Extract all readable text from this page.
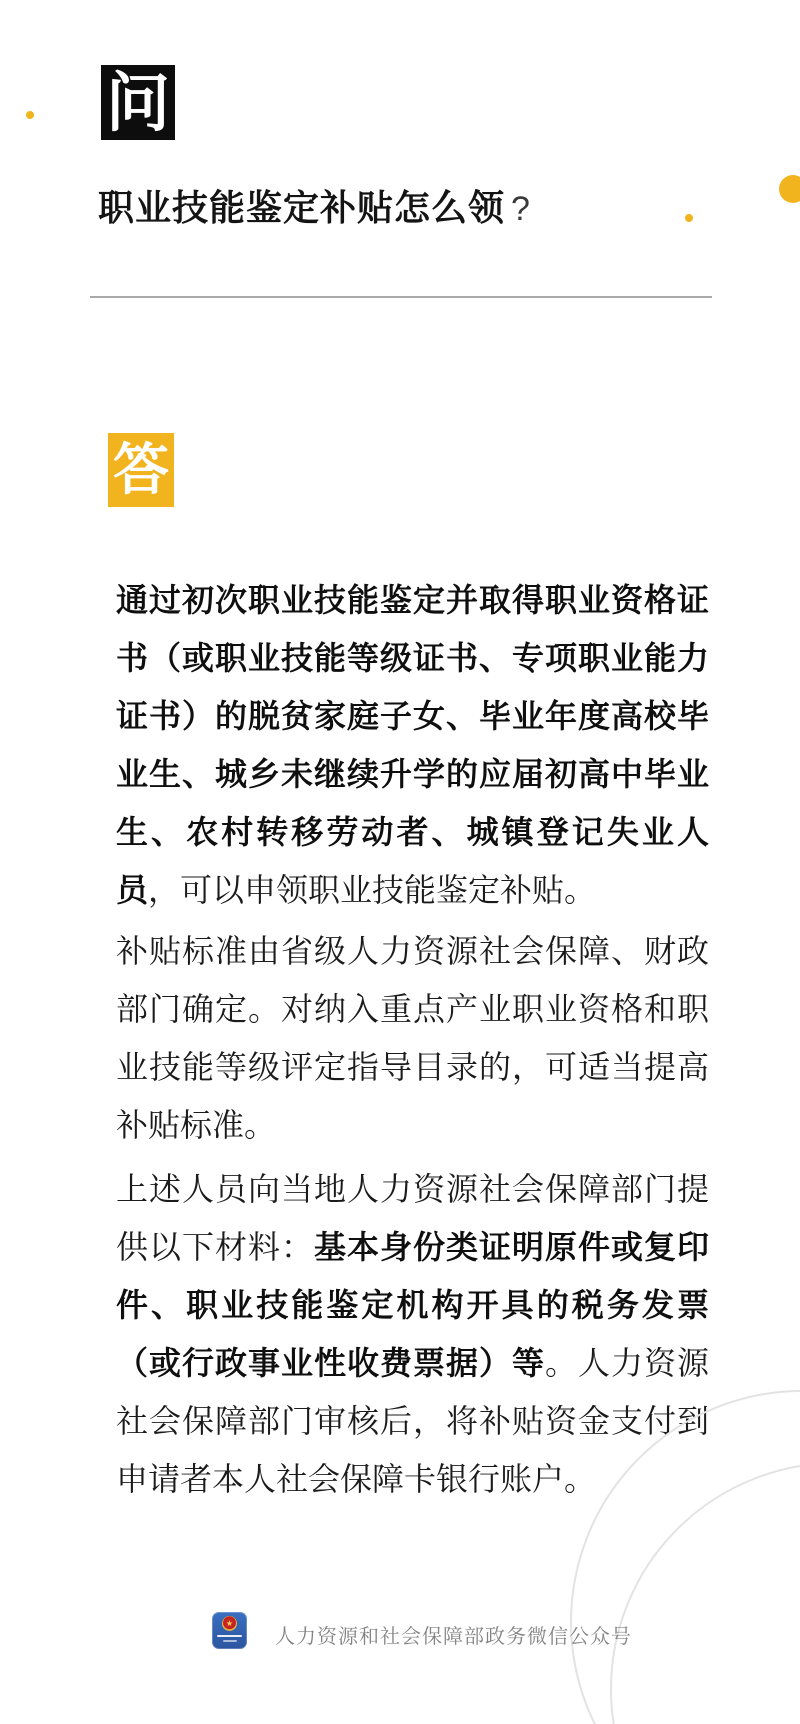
问
职业技能鉴定补贴怎么领 ?
答

通过初次职业技能鉴定并取得职业资格证书（或职业技能等级证书、专项职业能力证书）的脱贫家庭子女、毕业年度高校毕业生、城乡未继续升学的应届初高中毕业生、农村转移劳动者、城镇登记失业人员，可以申领职业技能鉴定补贴。

补贴标准由省级人力资源社会保障、财政部门确定。对纳入重点产业职业资格和职业技能等级评定指导目录的，可适当提高补贴标准。

上述人员向当地人力资源社会保障部门提供以下材料：基本身份类证明原件或复印件、职业技能鉴定机构开具的税务发票（或行政事业性收费票据）等。人力资源社会保障部门审核后，将补贴资金支付到申请者本人社会保障卡银行账户。

★
人力资源和社会保障部政务微信公众号
